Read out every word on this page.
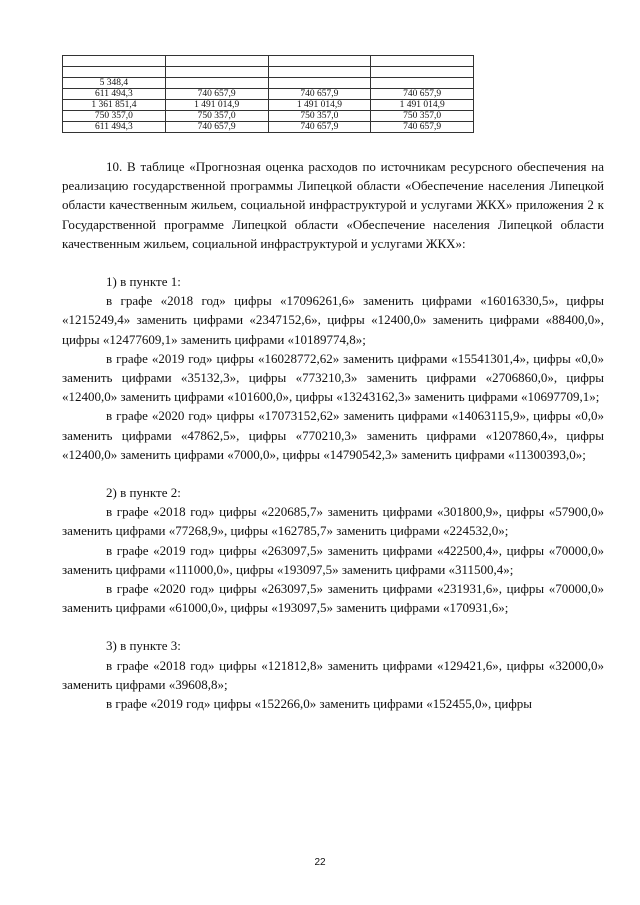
5 348,4			
611 494,3	740 657,9	740 657,9	740 657,9
1 361 851,4	1 491 014,9	1 491 014,9	1 491 014,9
750 357,0	750 357,0	750 357,0	750 357,0
611 494,3	740 657,9	740 657,9	740 657,9

10. В таблице «Прогнозная оценка расходов по источникам ресурсного обеспечения на реализацию государственной программы Липецкой области «Обеспечение населения Липецкой области качественным жильем, социальной инфраструктурой и услугами ЖКХ» приложения 2 к Государственной программе Липецкой области «Обеспечение населения Липецкой области качественным жильем, социальной инфраструктурой и услугами ЖКХ»:

1) в пункте 1:

в графе «2018 год» цифры «17096261,6» заменить цифрами «16016330,5», цифры «1215249,4» заменить цифрами «2347152,6», цифры «12400,0» заменить цифрами «88400,0», цифры «12477609,1» заменить цифрами «10189774,8»;

в графе «2019 год» цифры «16028772,62» заменить цифрами «15541301,4», цифры «0,0» заменить цифрами «35132,3», цифры «773210,3» заменить цифрами «2706860,0», цифры «12400,0» заменить цифрами «101600,0», цифры «13243162,3» заменить цифрами «10697709,1»;

в графе «2020 год» цифры «17073152,62» заменить цифрами «14063115,9», цифры «0,0» заменить цифрами «47862,5», цифры «770210,3» заменить цифрами «1207860,4», цифры «12400,0» заменить цифрами «7000,0», цифры «14790542,3» заменить цифрами «11300393,0»;

2) в пункте 2:

в графе «2018 год» цифры «220685,7» заменить цифрами «301800,9», цифры «57900,0» заменить цифрами «77268,9», цифры «162785,7» заменить цифрами «224532,0»;

в графе «2019 год» цифры «263097,5» заменить цифрами «422500,4», цифры «70000,0» заменить цифрами «111000,0», цифры «193097,5» заменить цифрами «311500,4»;

в графе «2020 год» цифры «263097,5» заменить цифрами «231931,6», цифры «70000,0» заменить цифрами «61000,0», цифры «193097,5» заменить цифрами «170931,6»;

3) в пункте 3:

в графе «2018 год» цифры «121812,8» заменить цифрами «129421,6», цифры «32000,0» заменить цифрами «39608,8»;

в графе «2019 год» цифры «152266,0» заменить цифрами «152455,0», цифры

22
